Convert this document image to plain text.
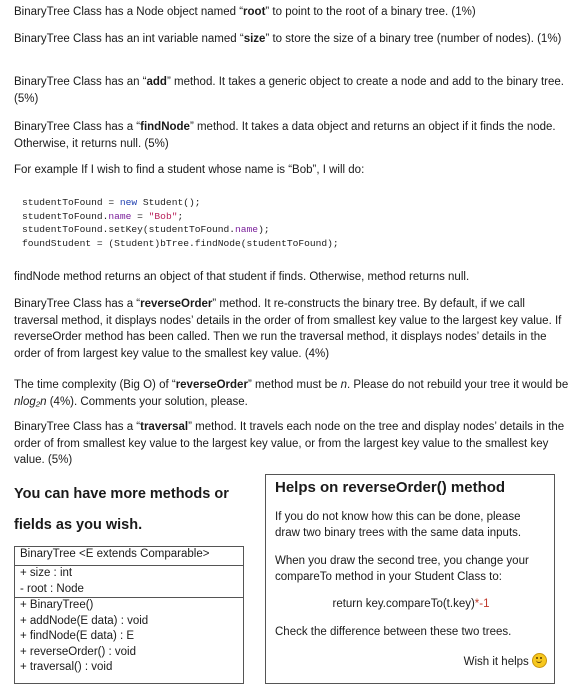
BinaryTree Class has a Node object named “root” to point to the root of a binary tree. (1%)

BinaryTree Class has an int variable named “size” to store the size of a binary tree (number of nodes). (1%)

BinaryTree Class has an “add” method. It takes a generic object to create a node and add to the binary tree. (5%)

BinaryTree Class has a “findNode” method. It takes a data object and returns an object if it finds the node. Otherwise, it returns null. (5%)

For example If I wish to find a student whose name is “Bob”, I will do:

studentToFound = new Student();
studentToFound.name = "Bob";
studentToFound.setKey(studentToFound.name);
foundStudent = (Student)bTree.findNode(studentToFound);

findNode method returns an object of that student if finds. Otherwise, method returns null.

BinaryTree Class has a “reverseOrder” method. It re-constructs the binary tree. By default, if we call traversal method, it displays nodes’ details in the order of from smallest key value to the largest key value. If reverseOrder method has been called. Then we run the traversal method, it displays nodes’ details in the order of from largest key value to the smallest key value. (4%)

The time complexity (Big O) of “reverseOrder” method must be n. Please do not rebuild your tree it would be nlog₂n (4%). Comments your solution, please.

BinaryTree Class has a “traversal” method. It travels each node on the tree and display nodes’ details in the order of from smallest key value to the largest key value, or from the largest key value to the smallest key value. (5%)

You can have more methods or
fields as you wish.
BinaryTree <E extends Comparable>
+ size : int
- root : Node
+ BinaryTree()
+ addNode(E data) : void
+ findNode(E data) : E
+ reverseOrder() : void
+ traversal() : void
Helps on reverseOrder() method

If you do not know how this can be done, please draw two binary trees with the same data inputs.

When you draw the second tree, you change your compareTo method in your Student Class to:

return key.compareTo(t.key)*-1

Check the difference between these two trees.

Wish it helps
